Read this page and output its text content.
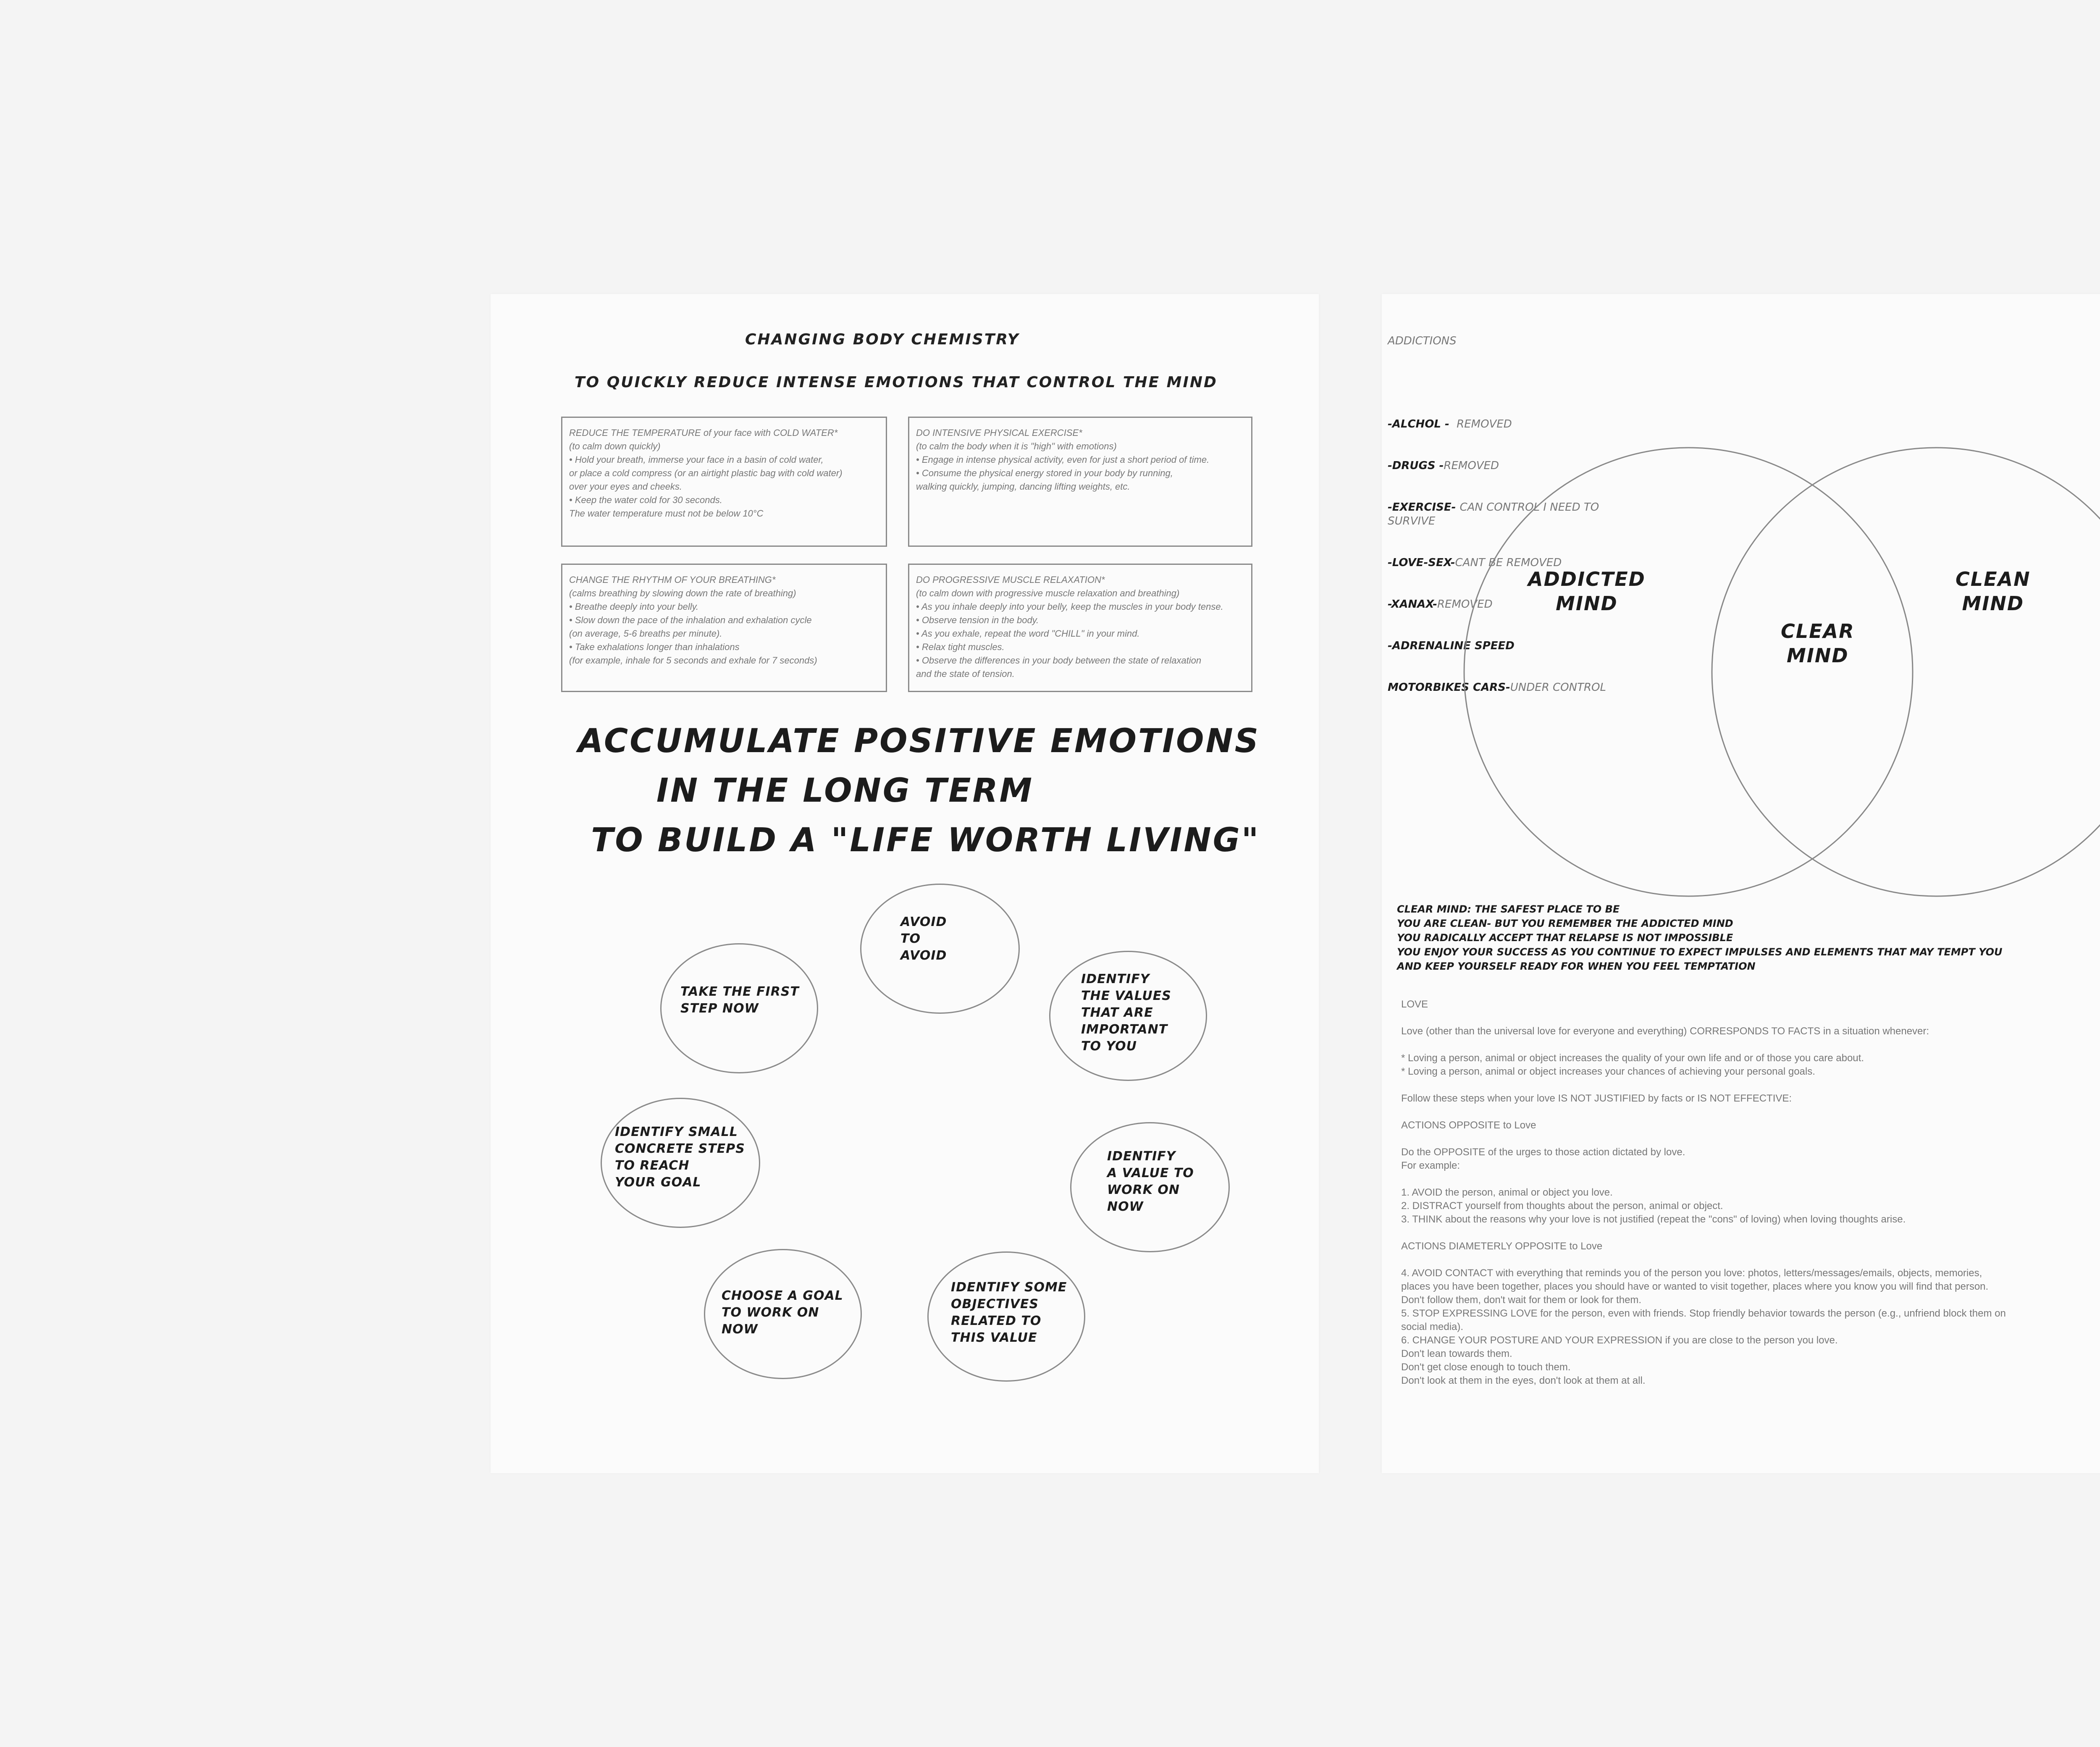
CHANGING BODY CHEMISTRY
TO QUICKLY REDUCE INTENSE EMOTIONS THAT CONTROL THE MIND
REDUCE THE TEMPERATURE of your face with COLD WATER*
(to calm down quickly)
• Hold your breath, immerse your face in a basin of cold water,
or place a cold compress (or an airtight plastic bag with cold water)
over your eyes and cheeks.
• Keep the water cold for 30 seconds.
The water temperature must not be below 10°C
DO INTENSIVE PHYSICAL EXERCISE*
(to calm the body when it is "high" with emotions)
• Engage in intense physical activity, even for just a short period of time.
• Consume the physical energy stored in your body by running,
walking quickly, jumping, dancing lifting weights, etc.
CHANGE THE RHYTHM OF YOUR BREATHING*
(calms breathing by slowing down the rate of breathing)
• Breathe deeply into your belly.
• Slow down the pace of the inhalation and exhalation cycle
(on average, 5-6 breaths per minute).
• Take exhalations longer than inhalations
(for example, inhale for 5 seconds and exhale for 7 seconds)
DO PROGRESSIVE MUSCLE RELAXATION*
(to calm down with progressive muscle relaxation and breathing)
• As you inhale deeply into your belly, keep the muscles in your body tense.
• Observe tension in the body.
• As you exhale, repeat the word "CHILL" in your mind.
• Relax tight muscles.
• Observe the differences in your body between the state of relaxation
and the state of tension.
ACCUMULATE POSITIVE EMOTIONS
IN THE LONG TERM
TO BUILD A "LIFE WORTH LIVING"
AVOID
TO
AVOID
TAKE THE FIRST
STEP NOW
IDENTIFY
THE VALUES
THAT ARE
IMPORTANT
TO YOU
IDENTIFY SMALL
CONCRETE STEPS
TO REACH
YOUR GOAL
IDENTIFY
A VALUE TO
WORK ON
NOW
CHOOSE A GOAL
TO WORK ON
NOW
IDENTIFY SOME
OBJECTIVES
RELATED TO
THIS VALUE

ADDICTIONS

-ALCHOL -  REMOVED

-DRUGS -REMOVED

-EXERCISE- CAN CONTROL I NEED TO
SURVIVE

-LOVE-SEX-CANT BE REMOVED

-XANAX-REMOVED

-ADRENALINE SPEED

MOTORBIKES CARS-UNDER CONTROL

ADDICTED
MIND
CLEAN
MIND
CLEAR
MIND
CLEAR MIND: THE SAFEST PLACE TO BE
YOU ARE CLEAN- BUT YOU REMEMBER THE ADDICTED MIND
YOU RADICALLY ACCEPT THAT RELAPSE IS NOT IMPOSSIBLE
YOU ENJOY YOUR SUCCESS AS YOU CONTINUE TO EXPECT IMPULSES AND ELEMENTS THAT MAY TEMPT YOU
AND KEEP YOURSELF READY FOR WHEN YOU FEEL TEMPTATION
LOVE

Love (other than the universal love for everyone and everything) CORRESPONDS TO FACTS in a situation whenever:

* Loving a person, animal or object increases the quality of your own life and or of those you care about.
* Loving a person, animal or object increases your chances of achieving your personal goals.

Follow these steps when your love IS NOT JUSTIFIED by facts or IS NOT EFFECTIVE:

ACTIONS OPPOSITE to Love

Do the OPPOSITE of the urges to those action dictated by love.
For example:

1. AVOID the person, animal or object you love.
2. DISTRACT yourself from thoughts about the person, animal or object.
3. THINK about the reasons why your love is not justified (repeat the "cons" of loving) when loving thoughts arise.

ACTIONS DIAMETERLY OPPOSITE to Love

4. AVOID CONTACT with everything that reminds you of the person you love: photos, letters/messages/emails, objects, memories,
places you have been together, places you should have or wanted to visit together, places where you know you will find that person.
Don't follow them, don't wait for them or look for them.
5. STOP EXPRESSING LOVE for the person, even with friends. Stop friendly behavior towards the person (e.g., unfriend block them on
social media).
6. CHANGE YOUR POSTURE AND YOUR EXPRESSION if you are close to the person you love.
Don't lean towards them.
Don't get close enough to touch them.
Don't look at them in the eyes, don't look at them at all.
